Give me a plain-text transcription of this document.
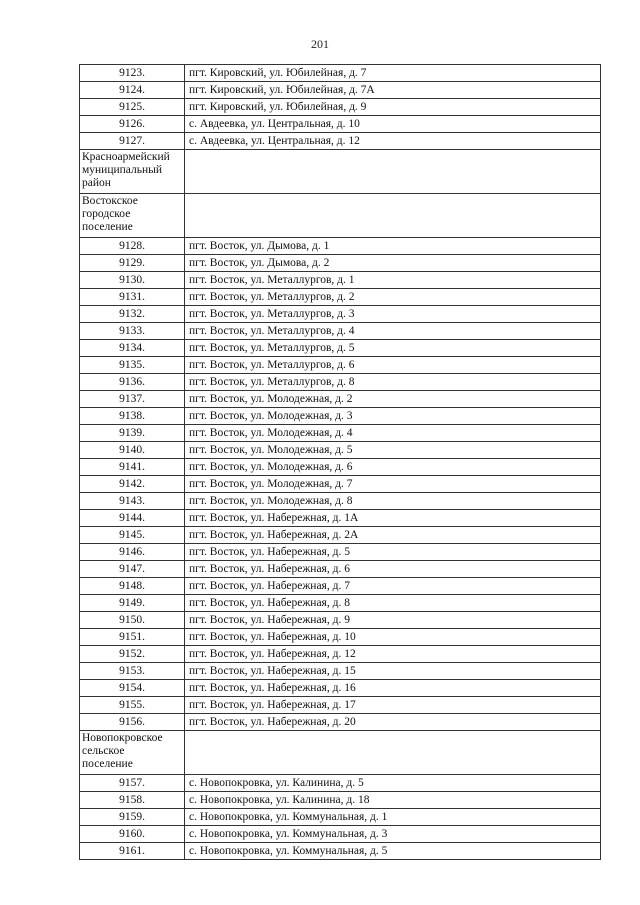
201
9123.	пгт. Кировский, ул. Юбилейная, д. 7
9124.	пгт. Кировский, ул. Юбилейная, д. 7А
9125.	пгт. Кировский, ул. Юбилейная, д. 9
9126.	с. Авдеевка, ул. Центральная, д. 10
9127.	с. Авдеевка, ул. Центральная, д. 12

Красноармейский
муниципальный
район	

Востокское
городское
поселение	

9128.	пгт. Восток, ул. Дымова, д. 1
9129.	пгт. Восток, ул. Дымова, д. 2
9130.	пгт. Восток, ул. Металлургов, д. 1
9131.	пгт. Восток, ул. Металлургов, д. 2
9132.	пгт. Восток, ул. Металлургов, д. 3
9133.	пгт. Восток, ул. Металлургов, д. 4
9134.	пгт. Восток, ул. Металлургов, д. 5
9135.	пгт. Восток, ул. Металлургов, д. 6
9136.	пгт. Восток, ул. Металлургов, д. 8
9137.	пгт. Восток, ул. Молодежная, д. 2
9138.	пгт. Восток, ул. Молодежная, д. 3
9139.	пгт. Восток, ул. Молодежная, д. 4
9140.	пгт. Восток, ул. Молодежная, д. 5
9141.	пгт. Восток, ул. Молодежная, д. 6
9142.	пгт. Восток, ул. Молодежная, д. 7
9143.	пгт. Восток, ул. Молодежная, д. 8
9144.	пгт. Восток, ул. Набережная, д. 1А
9145.	пгт. Восток, ул. Набережная, д. 2А
9146.	пгт. Восток, ул. Набережная, д. 5
9147.	пгт. Восток, ул. Набережная, д. 6
9148.	пгт. Восток, ул. Набережная, д. 7
9149.	пгт. Восток, ул. Набережная, д. 8
9150.	пгт. Восток, ул. Набережная, д. 9
9151.	пгт. Восток, ул. Набережная, д. 10
9152.	пгт. Восток, ул. Набережная, д. 12
9153.	пгт. Восток, ул. Набережная, д. 15
9154.	пгт. Восток, ул. Набережная, д. 16
9155.	пгт. Восток, ул. Набережная, д. 17
9156.	пгт. Восток, ул. Набережная, д. 20

Новопокровское
сельское
поселение	

9157.	с. Новопокровка, ул. Калинина, д. 5
9158.	с. Новопокровка, ул. Калинина, д. 18
9159.	с. Новопокровка, ул. Коммунальная, д. 1
9160.	с. Новопокровка, ул. Коммунальная, д. 3
9161.	с. Новопокровка, ул. Коммунальная, д. 5
